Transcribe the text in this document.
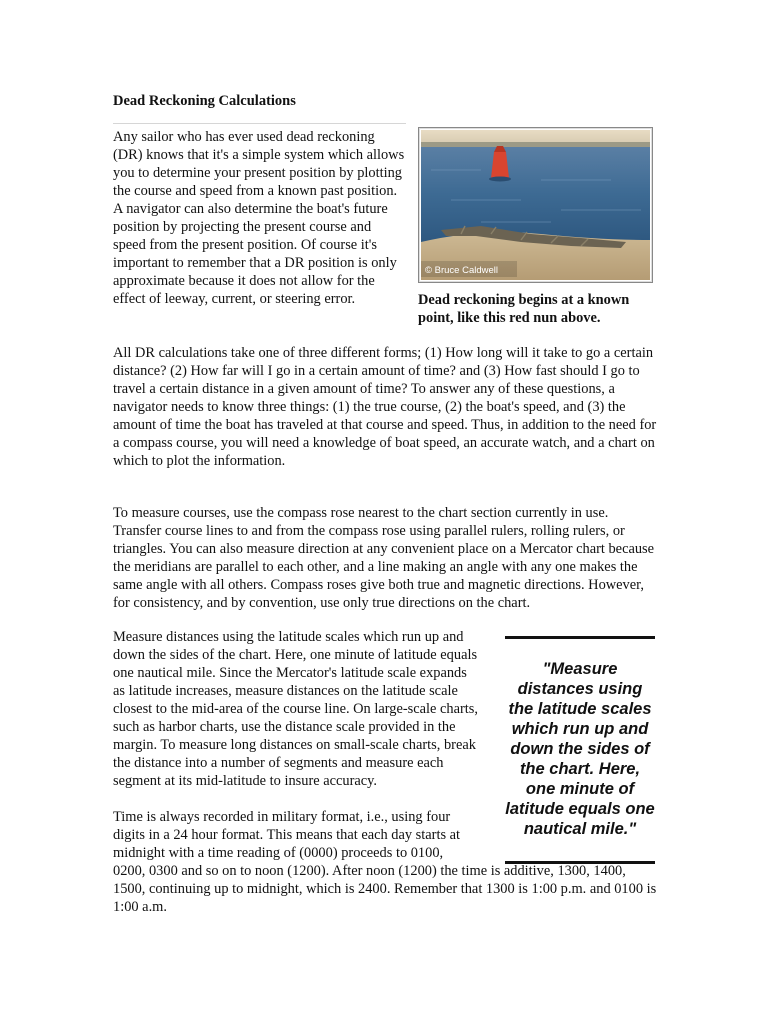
Dead Reckoning Calculations

Any sailor who has ever used dead reckoning (DR) knows that it's a simple system which allows you to determine your present position by plotting the course and speed from a known past position. A navigator can also determine the boat's future position by projecting the present course and speed from the present position. Of course it's important to remember that a DR position is only approximate because it does not allow for the effect of leeway, current, or steering error.

© Bruce Caldwell
Dead reckoning begins at a known point, like this red nun above.

All DR calculations take one of three different forms; (1) How long will it take to go a certain distance? (2) How far will I go in a certain amount of time? and (3) How fast should I go to travel a certain distance in a given amount of time? To answer any of these questions, a navigator needs to know three things: (1) the true course, (2) the boat's speed, and (3) the amount of time the boat has traveled at that course and speed. Thus, in addition to the need for a compass course, you will need a knowledge of boat speed, an accurate watch, and a chart on which to plot the information.

To measure courses, use the compass rose nearest to the chart section currently in use. Transfer course lines to and from the compass rose using parallel rulers, rolling rulers, or triangles. You can also measure direction at any convenient place on a Mercator chart because the meridians are parallel to each other, and a line making an angle with any one makes the same angle with all others. Compass roses give both true and magnetic directions. However, for consistency, and by convention, use only true directions on the chart.

Measure distances using the latitude scales which run up and down the sides of the chart. Here, one minute of latitude equals one nautical mile. Since the Mercator's latitude scale expands as latitude increases, measure distances on the latitude scale closest to the mid-area of the course line. On large-scale charts, such as harbor charts, use the distance scale provided in the margin. To measure long distances on small-scale charts, break the distance into a number of segments and measure each segment at its mid-latitude to insure accuracy.

"Measure distances using the latitude scales which run up and down the sides of the chart. Here, one minute of latitude equals one nautical mile."

Time is always recorded in military format, i.e., using four digits in a 24 hour format. This means that each day starts at midnight with a time reading of (0000) proceeds to 0100, 0200, 0300 and so on to noon (1200). After noon (1200) the time is additive, 1300, 1400, 1500, continuing up to midnight, which is 2400. Remember that 1300 is 1:00 p.m. and 0100 is 1:00 a.m.
